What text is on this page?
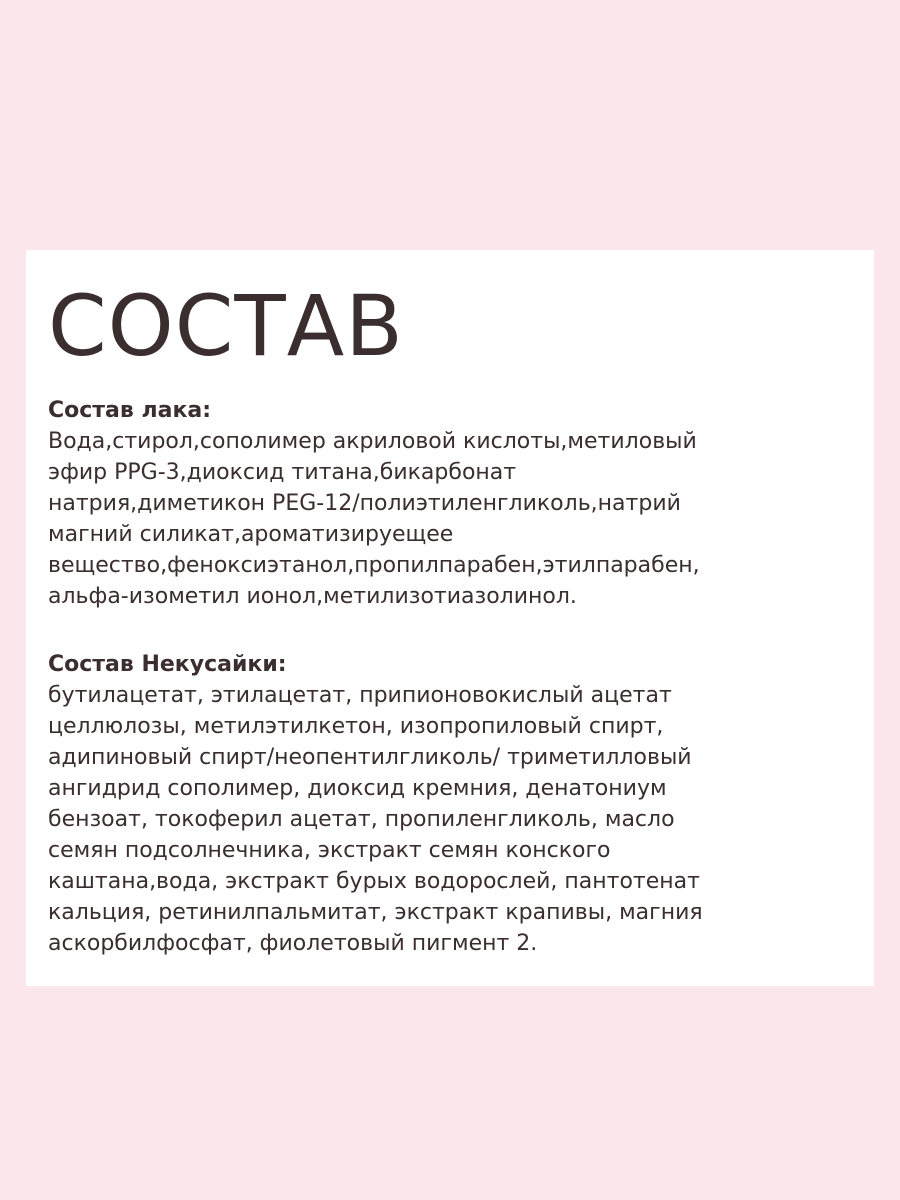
СОСТАВ

Состав лака:

Вода,стирол,сополимер акриловой кислоты,метиловый
эфир PPG-3,диоксид титана,бикарбонат
натрия,диметикон PEG-12/полиэтиленгликоль,натрий
магний силикат,ароматизируещее
вещество,феноксиэтанол,пропилпарабен,этилпарабен,
альфа-изометил ионол,метилизотиазолинол.

Состав Некусайки:

бутилацетат, этилацетат, припионовокислый ацетат
целлюлозы, метилэтилкетон, изопропиловый спирт,
адипиновый спирт/неопентилгликоль/ триметилловый
ангидрид сополимер, диоксид кремния, денатониум
бензоат, токоферил ацетат, пропиленгликоль, масло
семян подсолнечника, экстракт семян конского
каштана,вода, экстракт бурых водорослей, пантотенат
кальция, ретинилпальмитат, экстракт крапивы, магния
аскорбилфосфат, фиолетовый пигмент 2.
